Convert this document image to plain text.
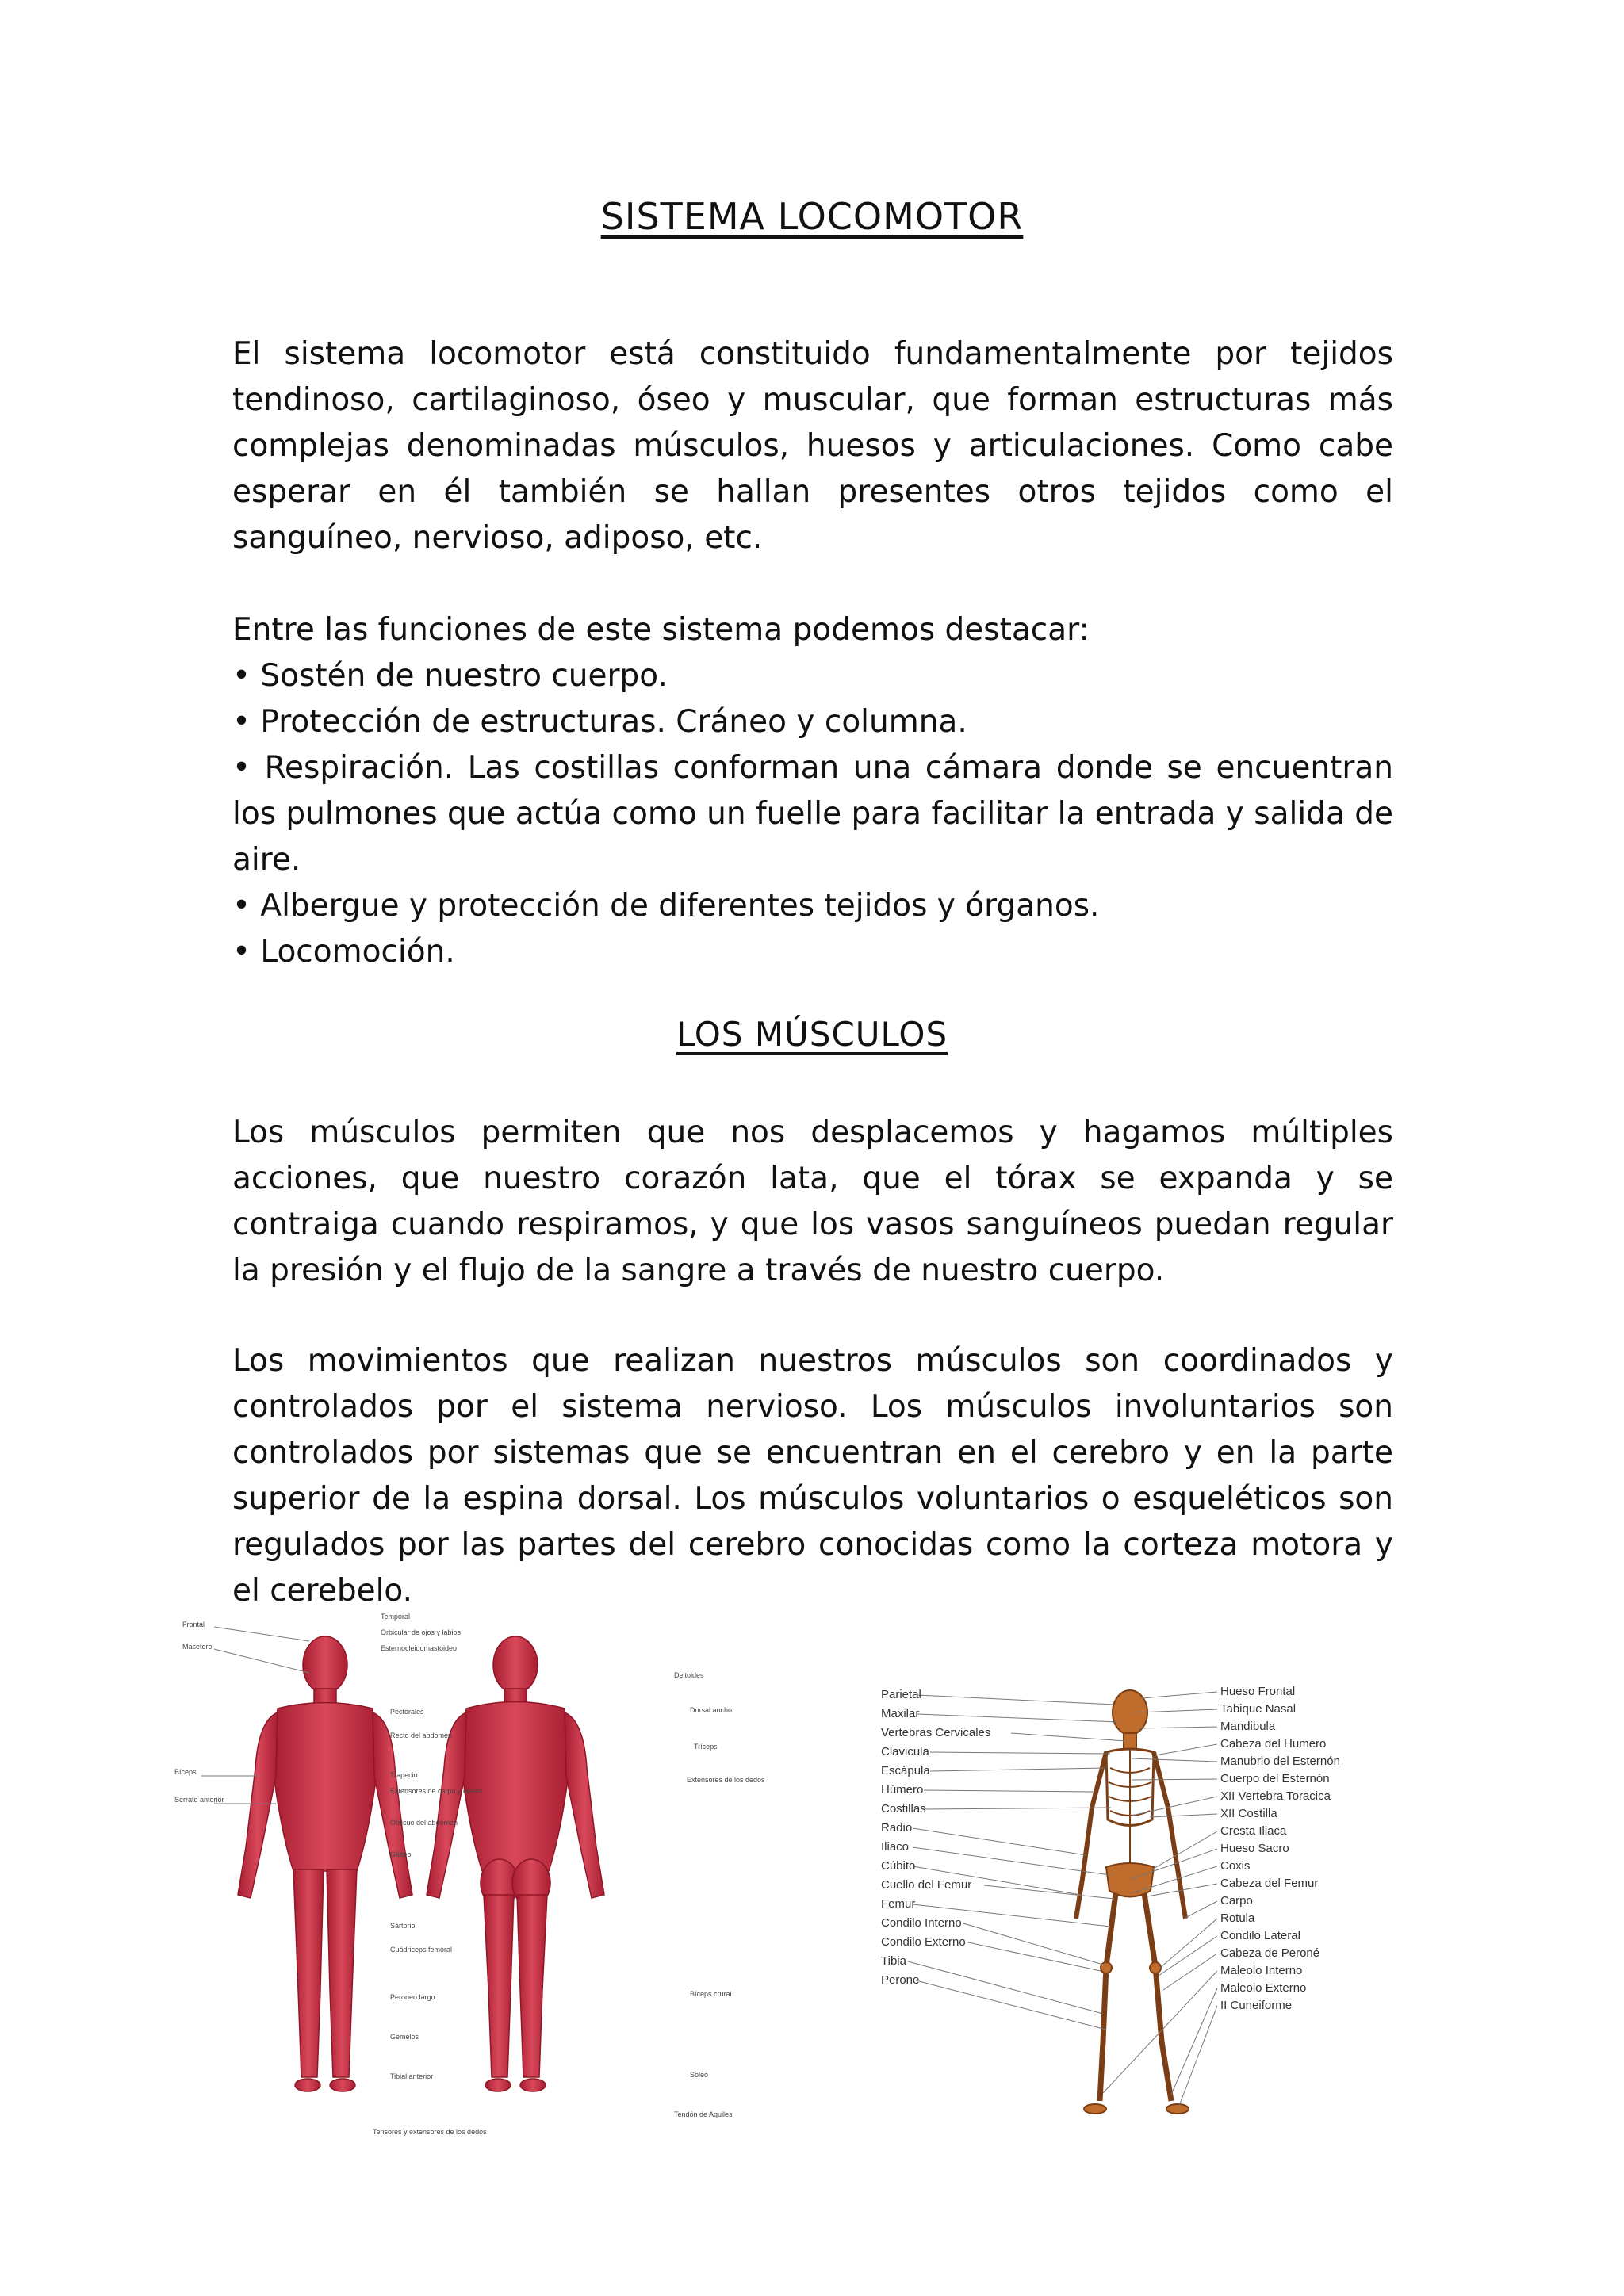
SISTEMA LOCOMOTOR

El sistema locomotor está constituido fundamentalmente por tejidos tendinoso, cartilaginoso, óseo y muscular, que forman estructuras más complejas denominadas músculos, huesos y articulaciones. Como cabe esperar en él también se hallan presentes otros tejidos como el sanguíneo, nervioso, adiposo, etc.

Entre las funciones de este sistema podemos destacar:
• Sostén de nuestro cuerpo.
• Protección de estructuras. Cráneo y columna.
• Respiración. Las costillas conforman una cámara donde se encuentran los pulmones que actúa como un fuelle para facilitar la entrada y salida de aire.
• Albergue y protección de diferentes tejidos y órganos.
• Locomoción.
LOS MÚSCULOS

Los músculos permiten que nos desplacemos y hagamos múltiples acciones, que nuestro corazón lata, que el tórax se expanda y se contraiga cuando respiramos, y que los vasos sanguíneos puedan regular la presión y el flujo de la sangre a través de nuestro cuerpo.

Los movimientos que realizan nuestros músculos son coordinados y controlados por el sistema nervioso. Los músculos involuntarios son controlados por sistemas que se encuentran en el cerebro y en la parte superior de la espina dorsal. Los músculos voluntarios o esqueléticos son regulados por las partes del cerebro conocidas como la corteza motora y el cerebelo.

Frontal
Masetero
Bíceps
Serrato anterior
Temporal
Orbicular de ojos y labios
Esternocleidomastoideo
Pectorales
Recto del abdomen
Trapecio
Extensores de carpo y dedos
Oblicuo del abdomen
Glúteo
Sartorio
Cuádriceps femoral
Peroneo largo
Gemelos
Tibial anterior
Tensores y extensores de los dedos
Deltoides
Dorsal ancho
Tríceps
Extensores de los dedos
Bíceps crural
Soleo
Tendón de Aquiles
Parietal
Maxilar
Vertebras Cervicales
Clavicula
Escápula
Húmero
Costillas
Radio
Iliaco
Cúbito
Cuello del Femur
Femur
Condilo Interno
Condilo Externo
Tibia
Perone
Hueso Frontal
Tabique Nasal
Mandibula
Cabeza del Humero
Manubrio del Esternón
Cuerpo del Esternón
XII Vertebra Toracica
XII Costilla
Cresta Iliaca
Hueso Sacro
Coxis
Cabeza del Femur
Carpo
Rotula
Condilo Lateral
Cabeza de Peroné
Maleolo Interno
Maleolo Externo
II Cuneiforme
